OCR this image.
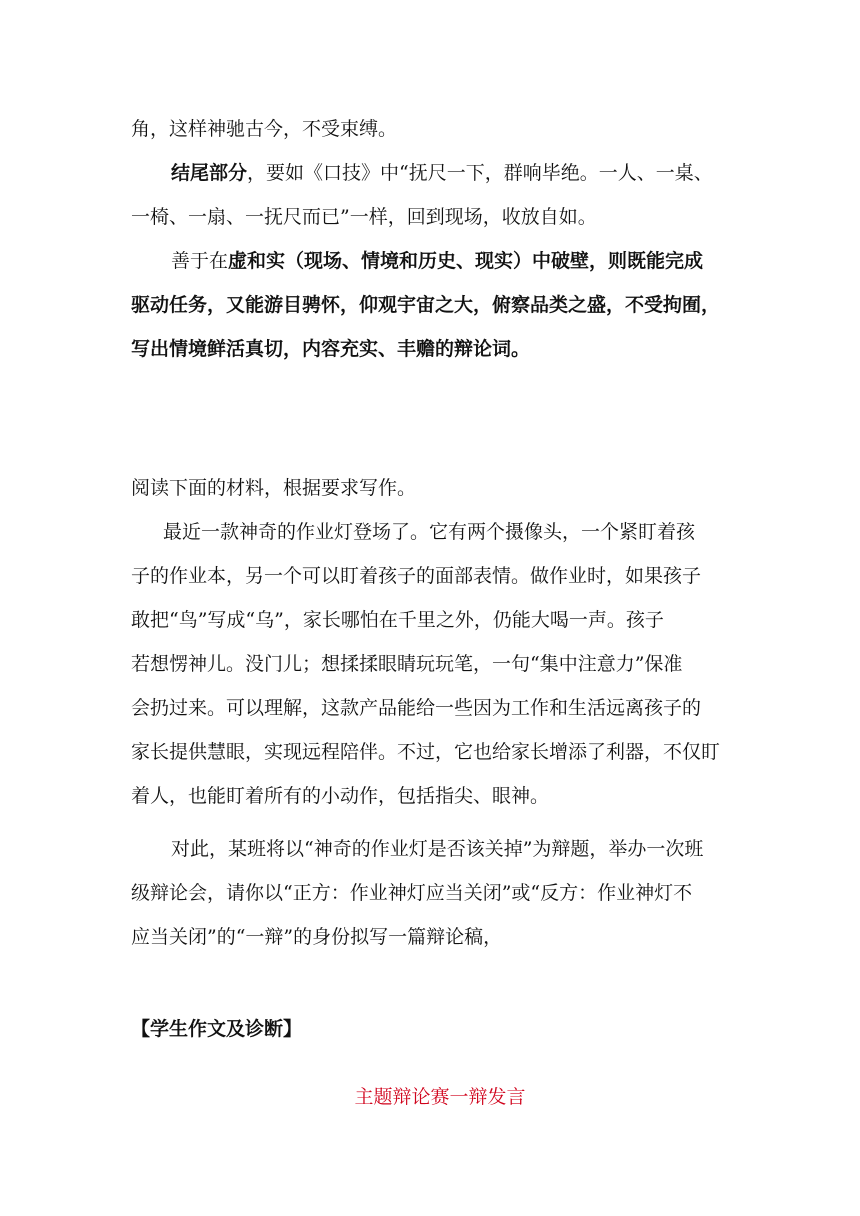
角，这样神驰古今，不受束缚。
结尾部分，要如《口技》中“抚尺一下，群响毕绝。一人、一桌、
一椅、一扇、一抚尺而已”一样，回到现场，收放自如。
善于在虚和实（现场、情境和历史、现实）中破壁，则既能完成
驱动任务，又能游目骋怀，仰观宇宙之大，俯察品类之盛，不受拘囿，
写出情境鲜活真切，内容充实、丰赡的辩论词。
阅读下面的材料，根据要求写作。
最近一款神奇的作业灯登场了。它有两个摄像头，一个紧盯着孩
子的作业本，另一个可以盯着孩子的面部表情。做作业时，如果孩子
敢把“鸟”写成“乌”，家长哪怕在千里之外，仍能大喝一声。孩子
若想愣神儿。没门儿；想揉揉眼睛玩玩笔，一句“集中注意力”保准
会扔过来。可以理解，这款产品能给一些因为工作和生活远离孩子的
家长提供慧眼，实现远程陪伴。不过，它也给家长增添了利器，不仅盯
着人，也能盯着所有的小动作，包括指尖、眼神。
对此，某班将以“神奇的作业灯是否该关掉”为辩题，举办一次班
级辩论会，请你以“正方：作业神灯应当关闭”或“反方：作业神灯不
应当关闭”的“一辩”的身份拟写一篇辩论稿，
【学生作文及诊断】
主题辩论赛一辩发言
